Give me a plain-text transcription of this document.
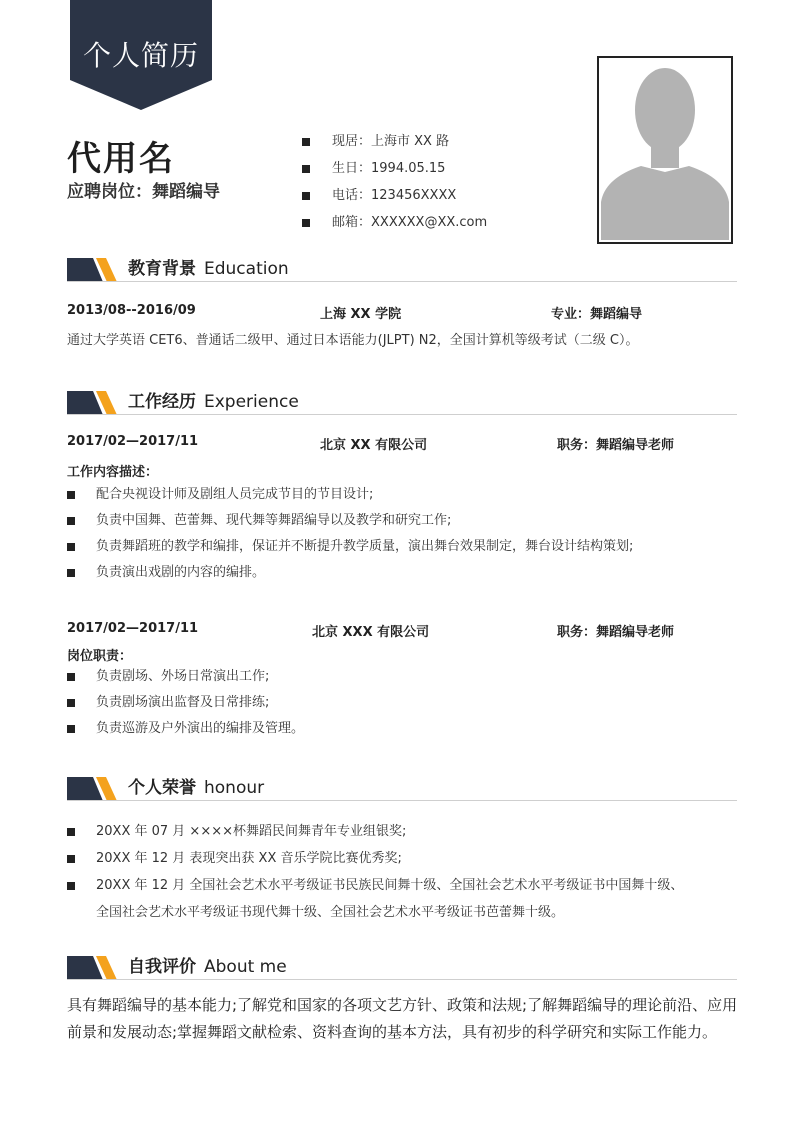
个人简历
代用名
应聘岗位：舞蹈编导
现居： 上海市 XX 路
生日： 1994.05.15
电话： 123456XXXX
邮箱： XXXXXX@XX.com
教育背景 Education
2013/08--2016/09	上海 XX 学院	专业：舞蹈编导
通过大学英语 CET6、普通话二级甲、通过日本语能力(JLPT) N2，全国计算机等级考试（二级 C）。
工作经历 Experience
2017/02—2017/11	北京 XX 有限公司	职务：舞蹈编导老师
工作内容描述：
配合央视设计师及剧组人员完成节目的节目设计;
负责中国舞、芭蕾舞、现代舞等舞蹈编导以及教学和研究工作;
负责舞蹈班的教学和编排，保证并不断提升教学质量，演出舞台效果制定，舞台设计结构策划;
负责演出戏剧的内容的编排。
2017/02—2017/11	北京 XXX 有限公司	职务：舞蹈编导老师
岗位职责：
负责剧场、外场日常演出工作;
负责剧场演出监督及日常排练;
负责巡游及户外演出的编排及管理。
个人荣誉 honour
20XX 年 07 月 ××××杯舞蹈民间舞青年专业组银奖;
20XX 年 12 月 表现突出获 XX 音乐学院比赛优秀奖;
20XX 年 12 月 全国社会艺术水平考级证书民族民间舞十级、全国社会艺术水平考级证书中国舞十级、
全国社会艺术水平考级证书现代舞十级、全国社会艺术水平考级证书芭蕾舞十级。
自我评价 About me
具有舞蹈编导的基本能力;了解党和国家的各项文艺方针、政策和法规;了解舞蹈编导的理论前沿、应用前景和发展动态;掌握舞蹈文献检索、资料查询的基本方法，具有初步的科学研究和实际工作能力。
